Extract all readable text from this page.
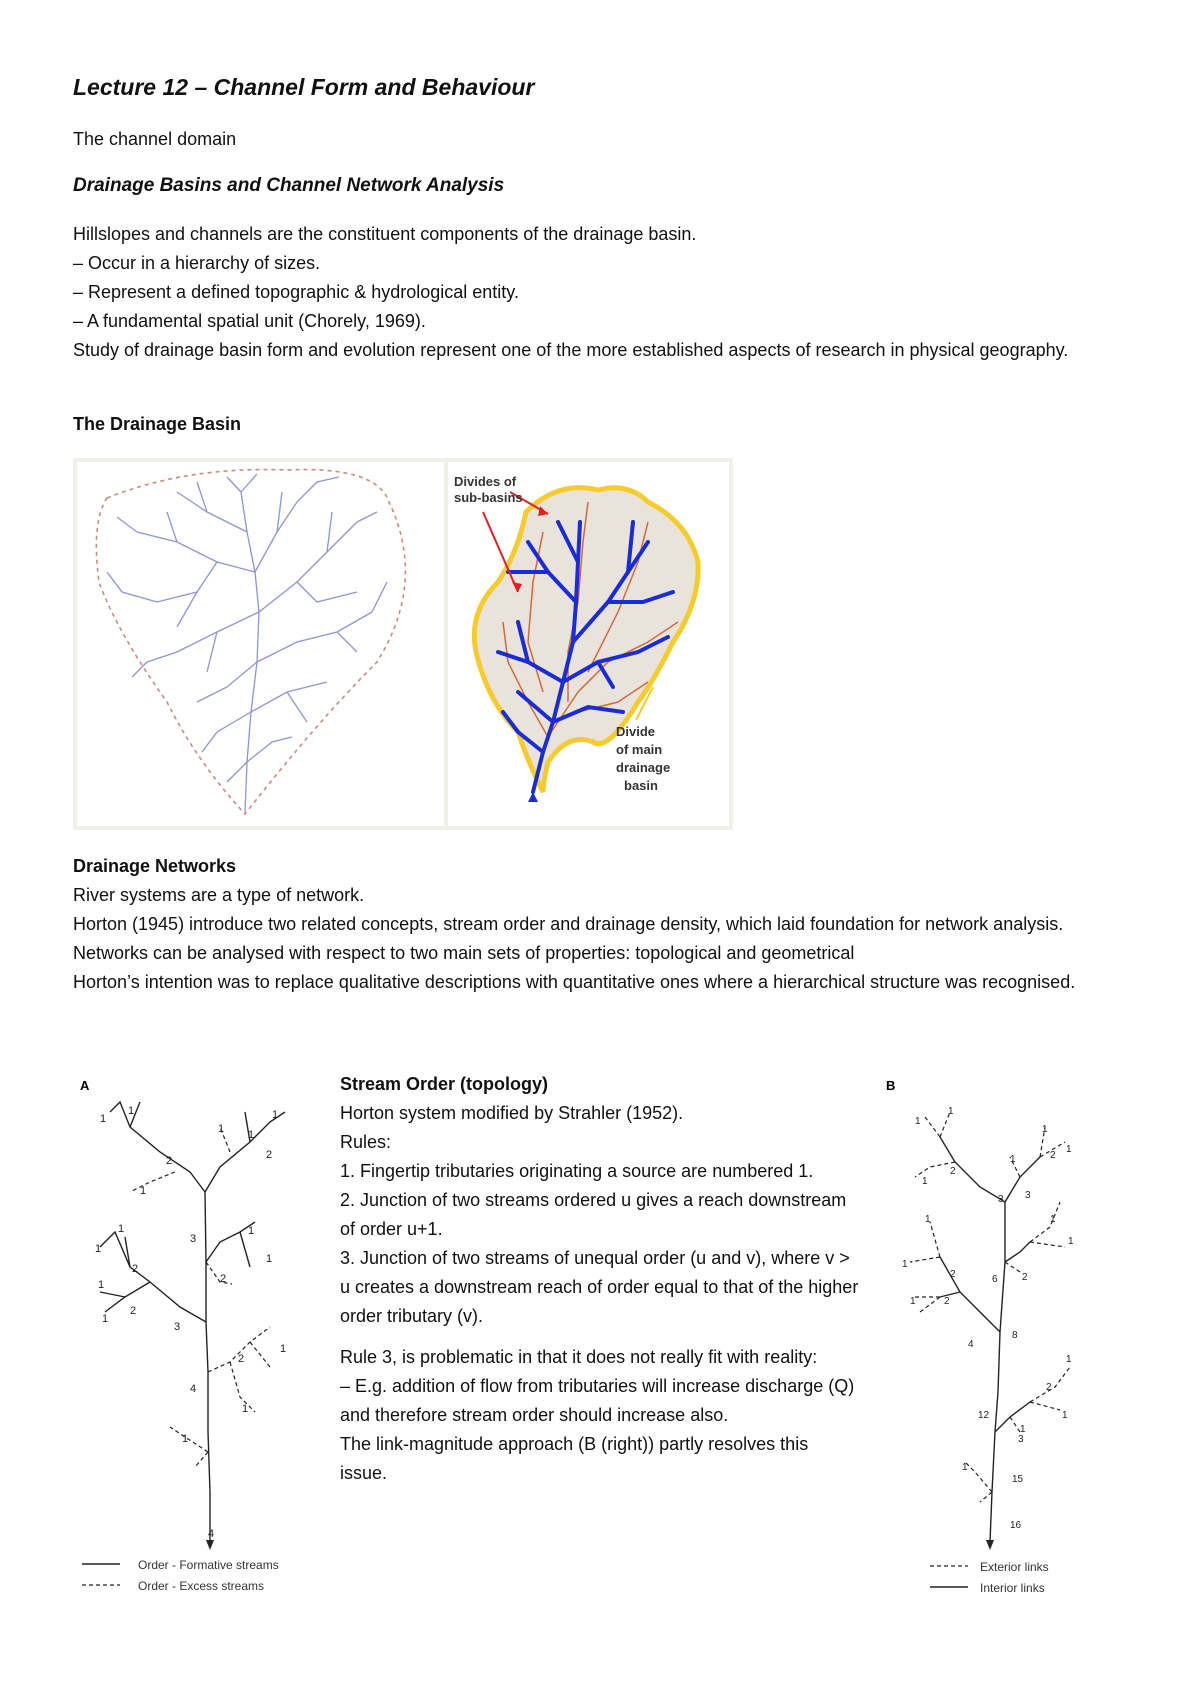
Lecture 12 – Channel Form and Behaviour
The channel domain
Drainage Basins and Channel Network Analysis

Hillslopes and channels are the constituent components of the drainage basin.

– Occur in a hierarchy of sizes.

– Represent a defined topographic & hydrological entity.

– A fundamental spatial unit (Chorely, 1969).

Study of drainage basin form and evolution represent one of the more established aspects of research in physical geography.

The Drainage Basin
Divides of
sub-basins
Divide
of main
drainage
basin

Drainage Networks

River systems are a type of network.

Horton (1945) introduce two related concepts, stream order and drainage density, which laid foundation for network analysis.

Networks can be analysed with respect to two main sets of properties: topological and geometrical

Horton’s intention was to replace qualitative descriptions with quantitative ones where a hierarchical structure was recognised.

Stream Order (topology)

Horton system modified by Strahler (1952).

Rules:

1. Fingertip tributaries originating a source are numbered 1.

2. Junction of two streams ordered u gives a reach downstream of order u+1.

3. Junction of two streams of unequal order (u and v), where v > u creates a downstream reach of order equal to that of the higher order tributary (v).

Rule 3, is problematic in that it does not really fit with reality:

– E.g. addition of flow from tributaries will increase discharge (Q) and therefore stream order should increase also.

The link-magnitude approach (B (right)) partly resolves this issue.

A
1
1
2
1
1 1
2
1
3
1
1
2
1
1
2
3
1
1
2
4
2
1
1
1
4
Order - Formative streams
Order - Excess streams
B
1
1
2
1
1
2
1
3 3
1
1
1
6
1
1
2	2
1	2
8
4
1
2
1
12
3
1
15
1
16
Exterior links
Interior links
